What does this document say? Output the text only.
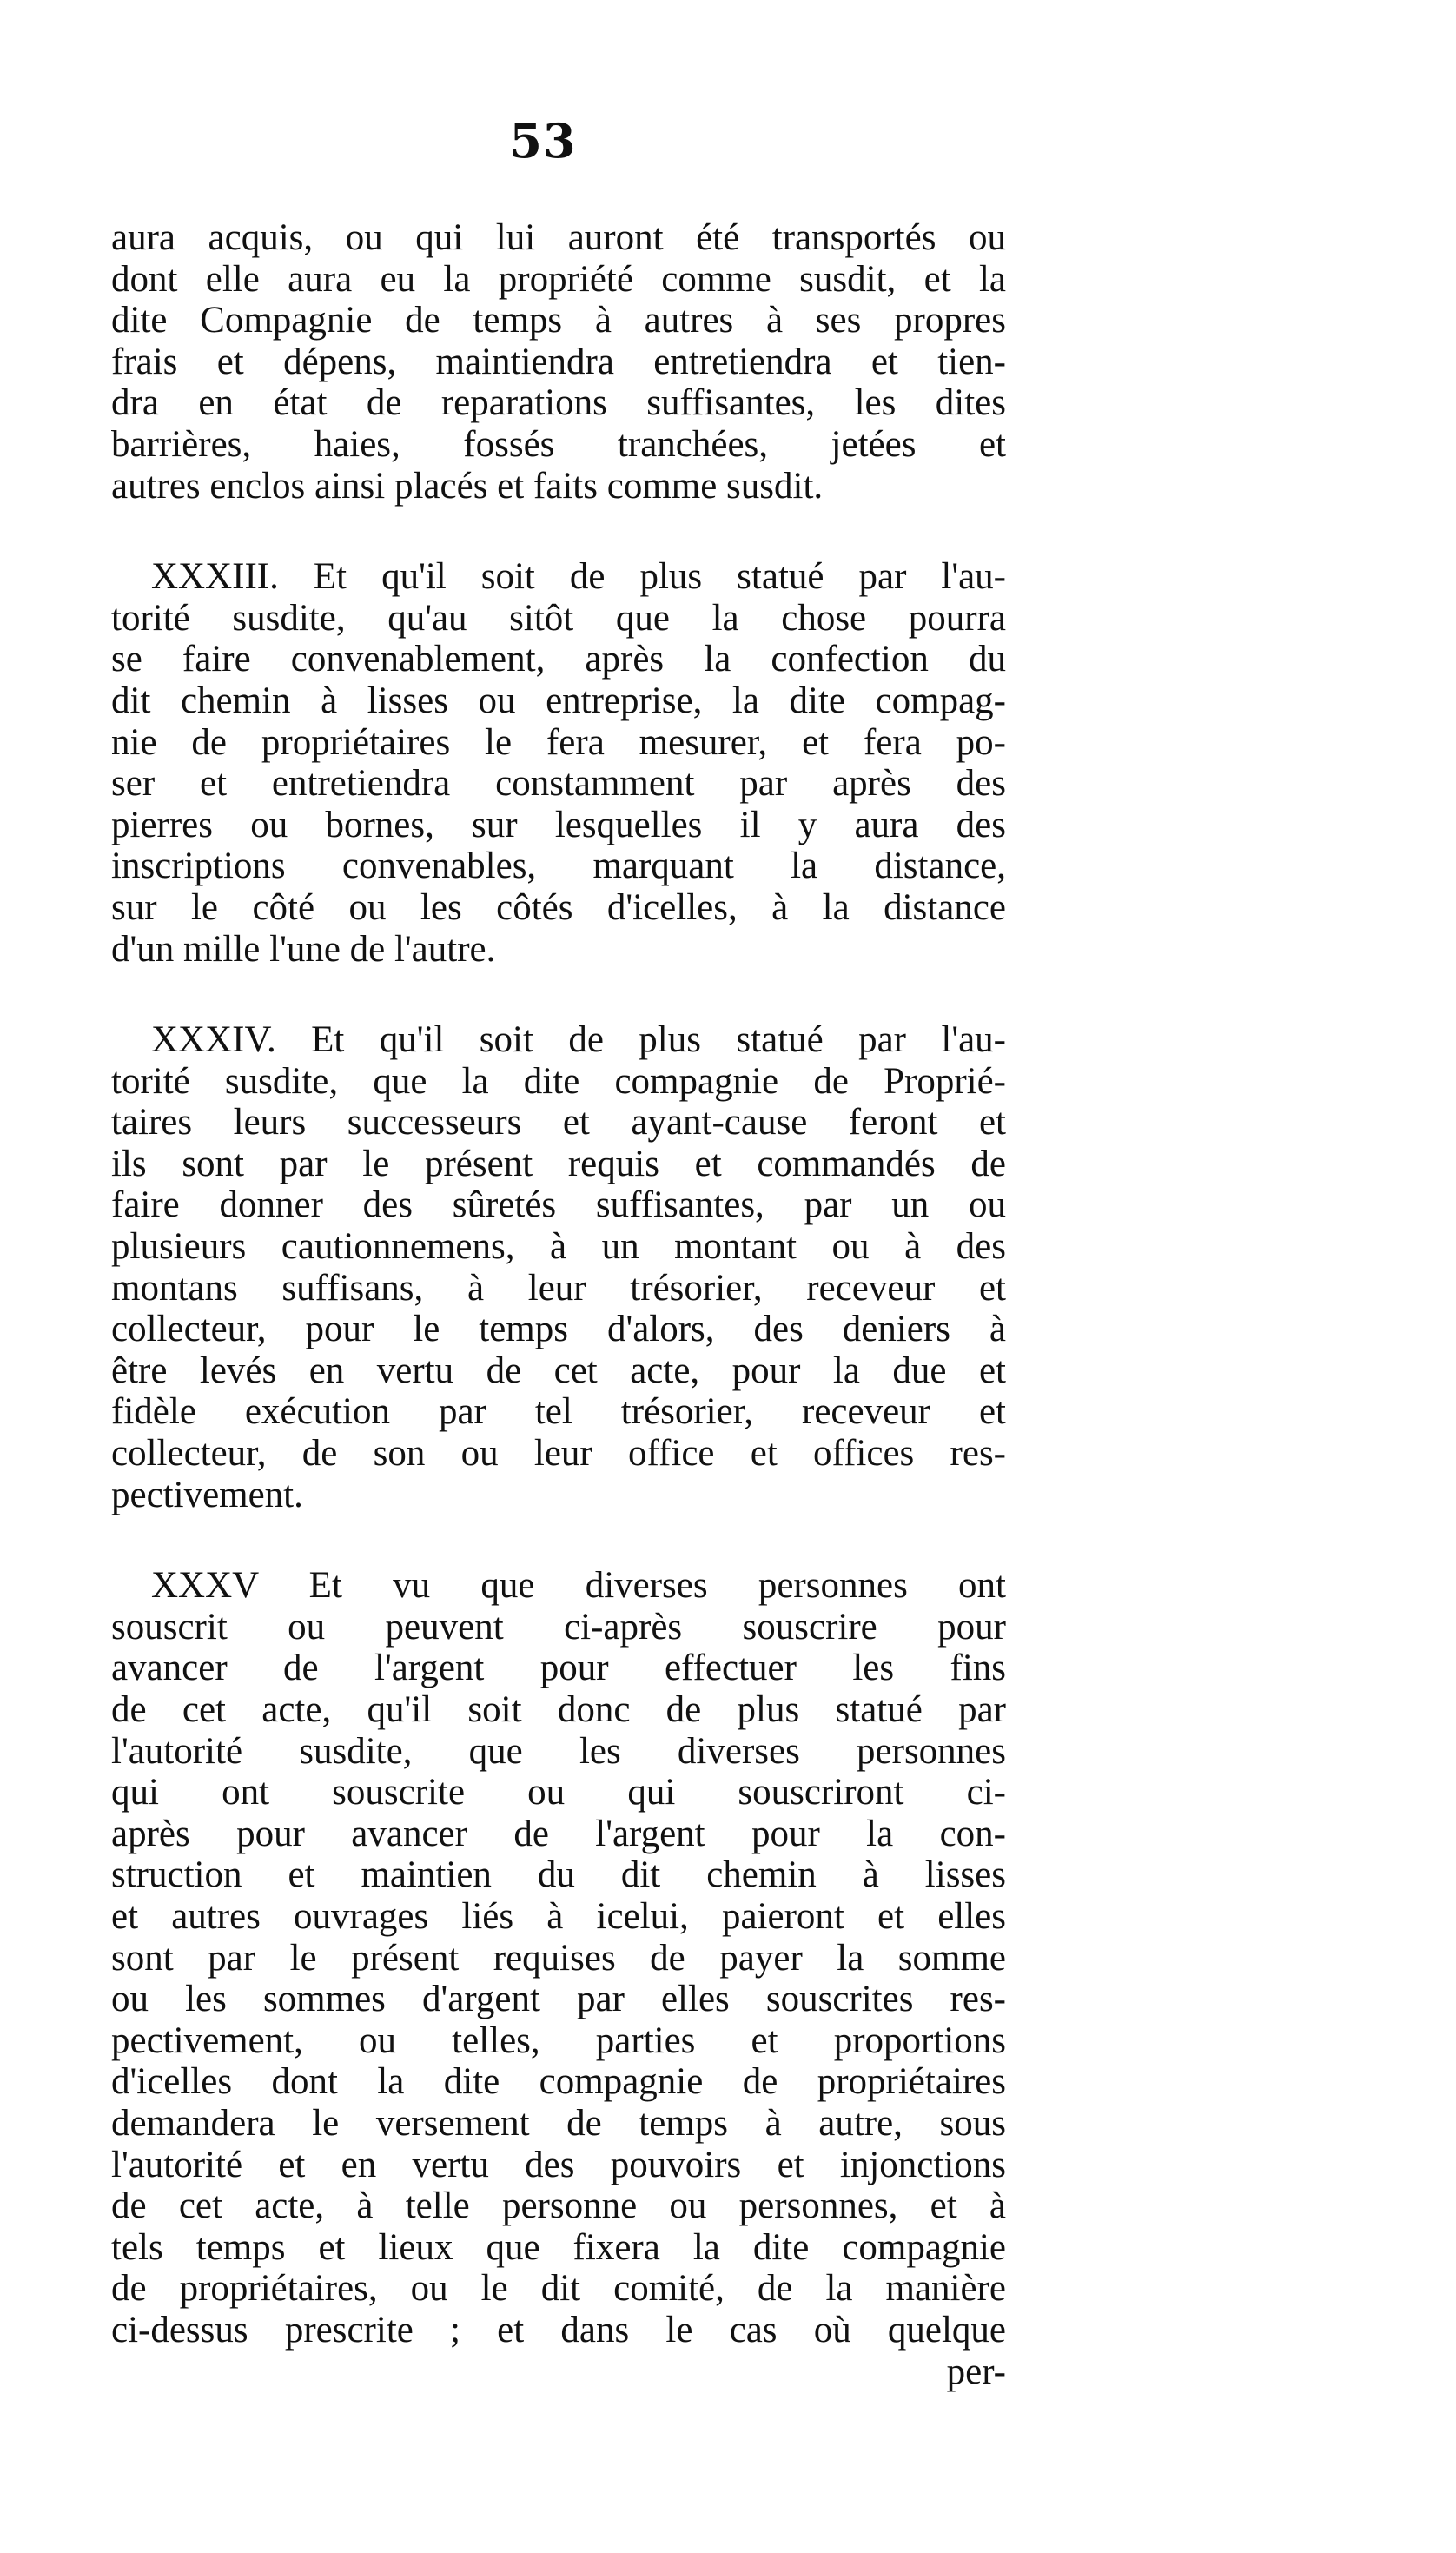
53

aura acquis, ou qui lui auront été transportés ou
dont elle aura eu la propriété comme susdit, et la
dite Compagnie de temps à autres à ses propres
frais et dépens, maintiendra entretiendra et tien-
dra en état de reparations suffisantes, les dites
barrières, haies, fossés tranchées, jetées et
autres enclos ainsi placés et faits comme susdit.

XXXIII. Et qu'il soit de plus statué par l'au-
torité susdite, qu'au sitôt que la chose pourra
se faire convenablement, après la confection du
dit chemin à lisses ou entreprise, la dite compag-
nie de propriétaires le fera mesurer, et fera po-
ser et entretiendra constamment par après des
pierres ou bornes, sur lesquelles il y aura des
inscriptions convenables, marquant la distance,
sur le côté ou les côtés d'icelles, à la distance
d'un mille l'une de l'autre.

XXXIV. Et qu'il soit de plus statué par l'au-
torité susdite, que la dite compagnie de Proprié-
taires leurs successeurs et ayant-cause feront et
ils sont par le présent requis et commandés de
faire donner des sûretés suffisantes, par un ou
plusieurs cautionnemens, à un montant ou à des
montans suffisans, à leur trésorier, receveur et
collecteur, pour le temps d'alors, des deniers à
être levés en vertu de cet acte, pour la due et
fidèle exécution par tel trésorier, receveur et
collecteur, de son ou leur office et offices res-
pectivement.

XXXV Et vu que diverses personnes ont
souscrit ou peuvent ci-après souscrire pour
avancer de l'argent pour effectuer les fins
de cet acte, qu'il soit donc de plus statué par
l'autorité susdite, que les diverses personnes
qui ont souscrite ou qui souscriront ci-
après pour avancer de l'argent pour la con-
struction et maintien du dit chemin à lisses
et autres ouvrages liés à icelui, paieront et elles
sont par le présent requises de payer la somme
ou les sommes d'argent par elles souscrites res-
pectivement, ou telles, parties et proportions
d'icelles dont la dite compagnie de propriétaires
demandera le versement de temps à autre, sous
l'autorité et en vertu des pouvoirs et injonctions
de cet acte, à telle personne ou personnes, et à
tels temps et lieux que fixera la dite compagnie
de propriétaires, ou le dit comité, de la manière
ci-dessus prescrite ; et dans le cas où quelque
per-
